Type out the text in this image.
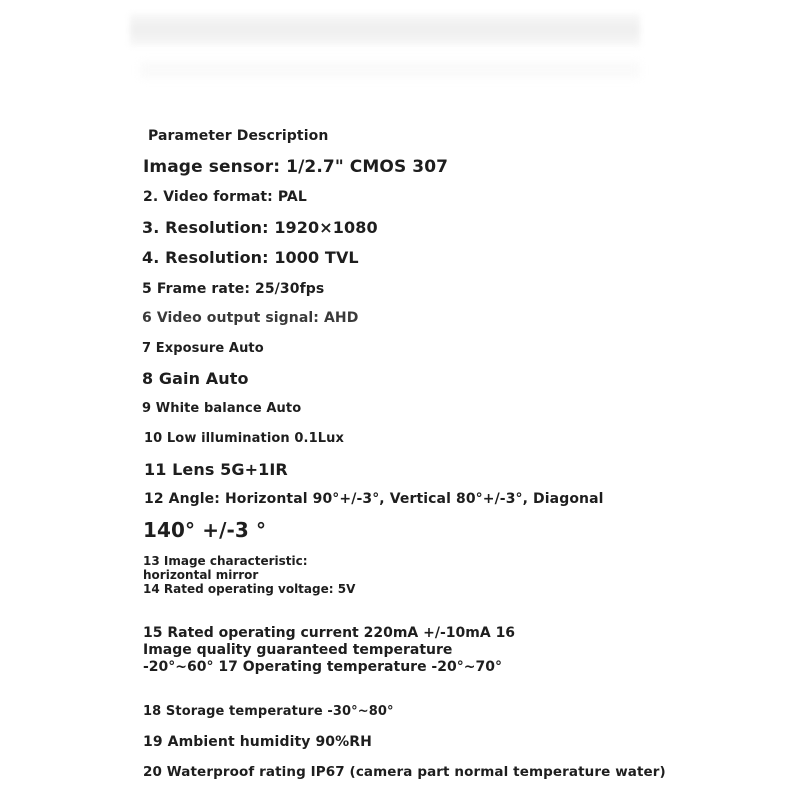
Parameter Description
Image sensor: 1/2.7" CMOS 307
2. Video format: PAL
3. Resolution: 1920×1080
4. Resolution: 1000 TVL
5 Frame rate: 25/30fps
6 Video output signal: AHD
7 Exposure Auto
8 Gain Auto
9 White balance Auto
10 Low illumination 0.1Lux
11 Lens 5G+1IR
12 Angle: Horizontal 90°+/-3°, Vertical 80°+/-3°, Diagonal
140° +/-3 °
13 Image characteristic:
horizontal mirror
14 Rated operating voltage: 5V
15 Rated operating current 220mA +/-10mA 16
Image quality guaranteed temperature
-20°~60° 17 Operating temperature -20°~70°
18 Storage temperature -30°~80°
19 Ambient humidity 90%RH
20 Waterproof rating IP67 (camera part normal temperature water)
